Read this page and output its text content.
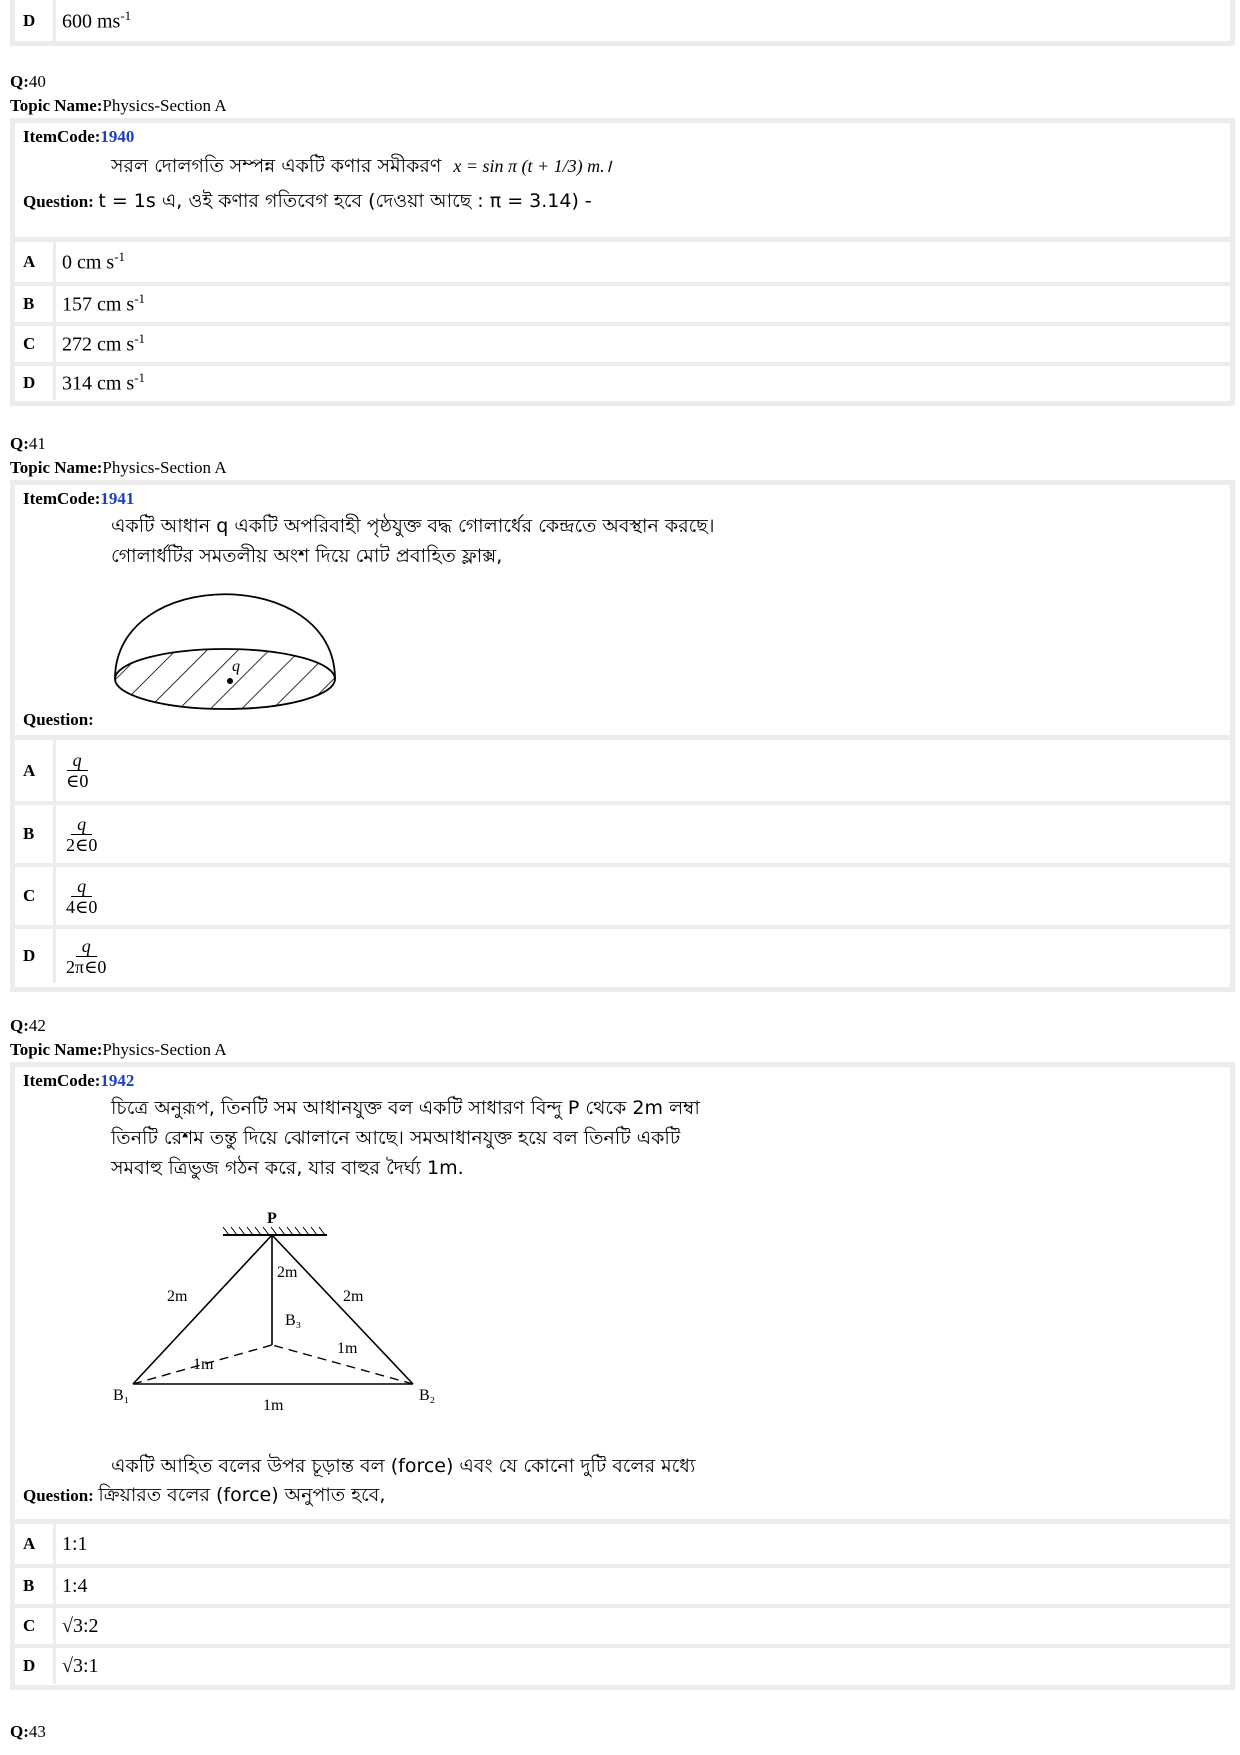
D	600 $ms^{-1}$
Q:40
Topic Name:Physics-Section A
ItemCode:1940
সরল দোলগতি সম্পন্ন একটি কণার সমীকরণ x = sin π (t + 1/3) m.।
Question: t = 1s এ, ওই কণার গতিবেগ হবে (দেওয়া আছে : π = 3.14) -
A	0 cm $s^{-1}$
B	157 cm $s^{-1}$
C	272 cm $s^{-1}$
D	314 cm $s^{-1}$
Q:41
Topic Name:Physics-Section A
ItemCode:1941
একটি আধান q একটি অপরিবাহী পৃষ্ঠযুক্ত বদ্ধ গোলার্ধের কেন্দ্রতে অবস্থান করছে।
গোলার্ধটির সমতলীয় অংশ দিয়ে মোট প্রবাহিত ফ্লাক্স,
q
Question:
A	$\frac{q}{\in 0}$
B	$\frac{q}{2\in 0}$
C	$\frac{q}{4\in 0}$
D	$\frac{q}{2\pi\in 0}$
Q:42
Topic Name:Physics-Section A
ItemCode:1942
চিত্রে অনুরূপ, তিনটি সম আধানযুক্ত বল একটি সাধারণ বিন্দু P থেকে 2m লম্বা
তিনটি রেশম তন্তু দিয়ে ঝোলানে আছে। সমআধানযুক্ত হয়ে বল তিনটি একটি
সমবাহু ত্রিভুজ গঠন করে, যার বাহুর দৈর্ঘ্য 1m.
P
2m
2m
2m
B₃
1m
1m
B₁
1m
B₂
একটি আহিত বলের উপর চূড়ান্ত বল (force) এবং যে কোনো দুটি বলের মধ্যে
Question: ক্রিয়ারত বলের (force) অনুপাত হবে,
A	1:1
B	1:4
C	√3:2
D	√3:1
Q:43
